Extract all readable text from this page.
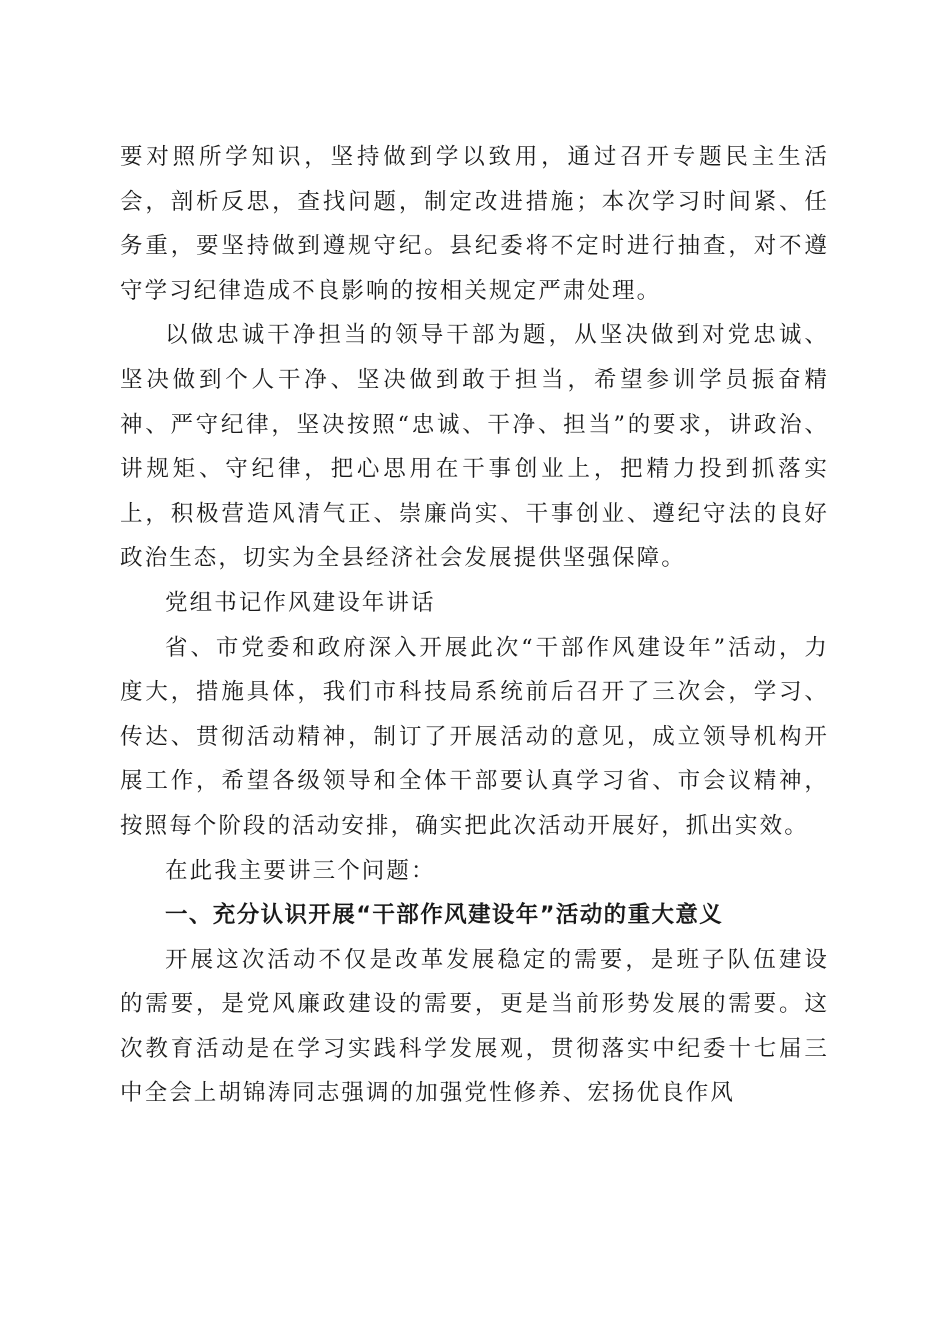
要对照所学知识，坚持做到学以致用，通过召开专题民主生活会，剖析反思，查找问题，制定改进措施；本次学习时间紧、任务重，要坚持做到遵规守纪。县纪委将不定时进行抽查，对不遵守学习纪律造成不良影响的按相关规定严肃处理。

以做忠诚干净担当的领导干部为题，从坚决做到对党忠诚、坚决做到个人干净、坚决做到敢于担当，希望参训学员振奋精神、严守纪律，坚决按照“忠诚、干净、担当”的要求，讲政治、讲规矩、守纪律，把心思用在干事创业上，把精力投到抓落实上，积极营造风清气正、崇廉尚实、干事创业、遵纪守法的良好政治生态，切实为全县经济社会发展提供坚强保障。

党组书记作风建设年讲话

省、市党委和政府深入开展此次“干部作风建设年”活动，力度大，措施具体，我们市科技局系统前后召开了三次会，学习、传达、贯彻活动精神，制订了开展活动的意见，成立领导机构开展工作，希望各级领导和全体干部要认真学习省、市会议精神，按照每个阶段的活动安排，确实把此次活动开展好，抓出实效。

在此我主要讲三个问题：

一、充分认识开展“干部作风建设年”活动的重大意义

开展这次活动不仅是改革发展稳定的需要，是班子队伍建设的需要，是党风廉政建设的需要，更是当前形势发展的需要。这次教育活动是在学习实践科学发展观，贯彻落实中纪委十七届三中全会上胡锦涛同志强调的加强党性修养、宏扬优良作风
